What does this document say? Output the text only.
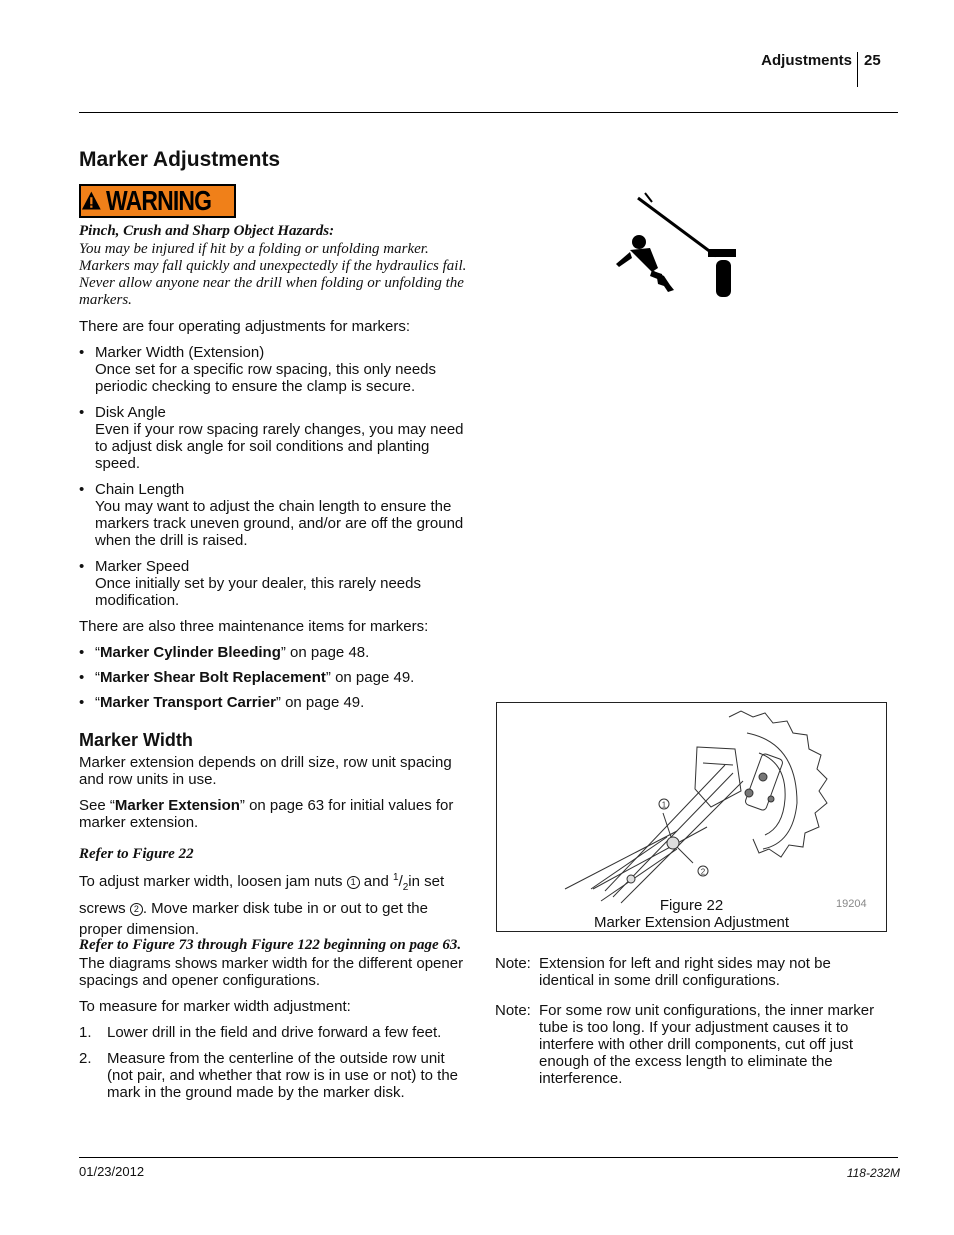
Adjustments 25
Marker Adjustments
WARNING
Pinch, Crush and Sharp Object Hazards:
You may be injured if hit by a folding or unfolding marker. Markers may fall quickly and unexpectedly if the hydraulics fail. Never allow anyone near the drill when folding or unfolding the markers.
There are four operating adjustments for markers:
• Marker Width (Extension)
Once set for a specific row spacing, this only needs periodic checking to ensure the clamp is secure.
• Disk Angle
Even if your row spacing rarely changes, you may need to adjust disk angle for soil conditions and planting speed.
• Chain Length
You may want to adjust the chain length to ensure the markers track uneven ground, and/or are off the ground when the drill is raised.
• Marker Speed
Once initially set by your dealer, this rarely needs modification.
There are also three maintenance items for markers:
• “Marker Cylinder Bleeding” on page 48.
• “Marker Shear Bolt Replacement” on page 49.
• “Marker Transport Carrier” on page 49.
Marker Width
Marker extension depends on drill size, row unit spacing and row units in use.
See “Marker Extension” on page 63 for initial values for marker extension.
Refer to Figure 22
To adjust marker width, loosen jam nuts 1 and $^1/_2in$ set screws 2 . Move marker disk tube in or out to get the proper dimension.
Refer to Figure 73 through Figure 122 beginning on page 63.
The diagrams shows marker width for the different opener spacings and opener configurations.
To measure for marker width adjustment:
1. Lower drill in the field and drive forward a few feet.
2. Measure from the centerline of the outside row unit (not pair, and whether that row is in use or not) to the mark in the ground made by the marker disk.
1
2
Figure 22
Marker Extension Adjustment
19204
Note: Extension for left and right sides may not be identical in some drill configurations.
Note: For some row unit configurations, the inner marker tube is too long. If your adjustment causes it to interfere with other drill components, cut off just enough of the excess length to eliminate the interference.
01/23/2012	118-232M
